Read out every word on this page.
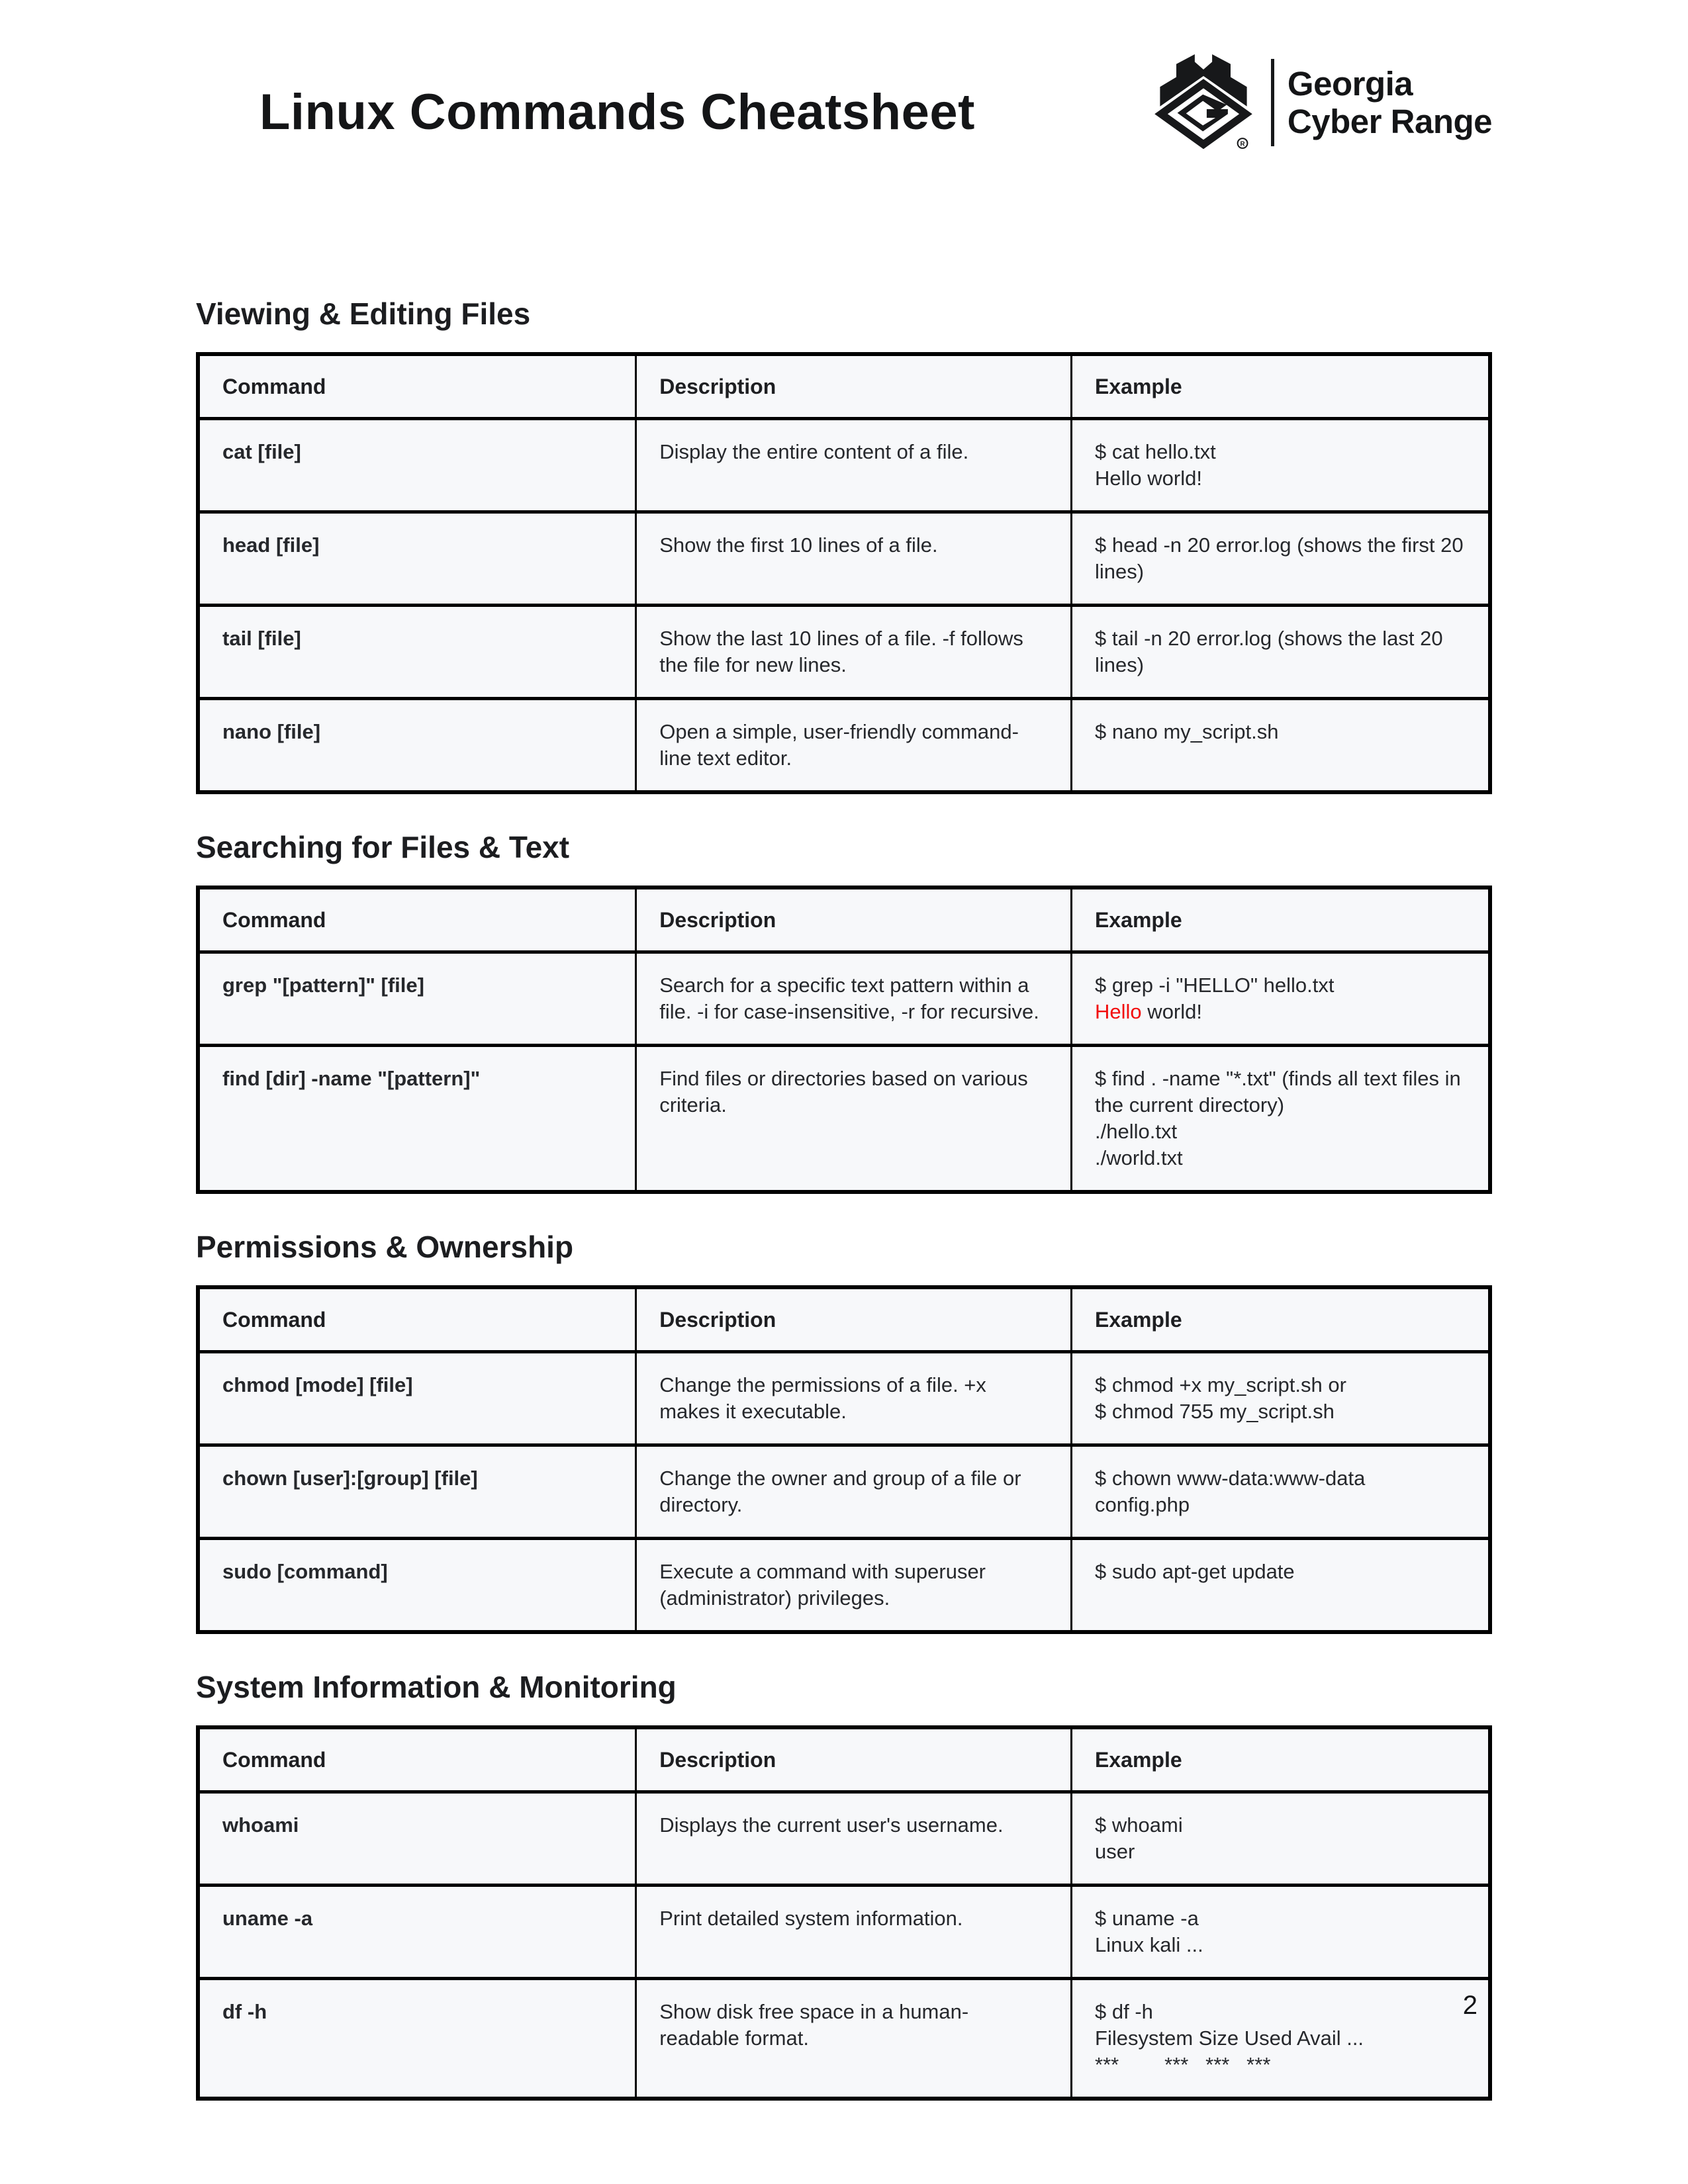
Linux Commands Cheatsheet
R
Georgia
Cyber Range
Viewing & Editing Files
Command	Description	Example
cat [file]	Display the entire content of a file.	$ cat hello.txt
Hello world!

head [file]	Show the first 10 lines of a file.	$ head -n 20 error.log (shows the first 20 lines)

tail [file]	Show the last 10 lines of a file. -f follows the file for new lines.	$ tail -n 20 error.log (shows the last 20 lines)

nano [file]	Open a simple, user-friendly command-line text editor.	$ nano my_script.sh
Searching for Files & Text
Command	Description	Example
grep "[pattern]" [file]	Search for a specific text pattern within a file. -i for case-insensitive, -r for recursive.	$ grep -i "HELLO" hello.txt
Hello world!

find [dir] -name "[pattern]"	Find files or directories based on various criteria.	$ find . -name "*.txt" (finds all text files in the current directory)
./hello.txt
./world.txt
Permissions & Ownership
Command	Description	Example
chmod [mode] [file]	Change the permissions of a file. +x makes it executable.	$ chmod +x my_script.sh or
$ chmod 755 my_script.sh

chown [user]:[group] [file]	Change the owner and group of a file or directory.	$ chown www-data:www-data config.php

sudo [command]	Execute a command with superuser (administrator) privileges.	$ sudo apt-get update
System Information & Monitoring
Command	Description	Example
whoami	Displays the current user's username.	$ whoami
user

uname -a	Print detailed system information.	$ uname -a
Linux kali ...

df -h	Show disk free space in a human-readable format.	$ df -h
Filesystem Size Used Avail ...
***        ***   ***   ***
2
